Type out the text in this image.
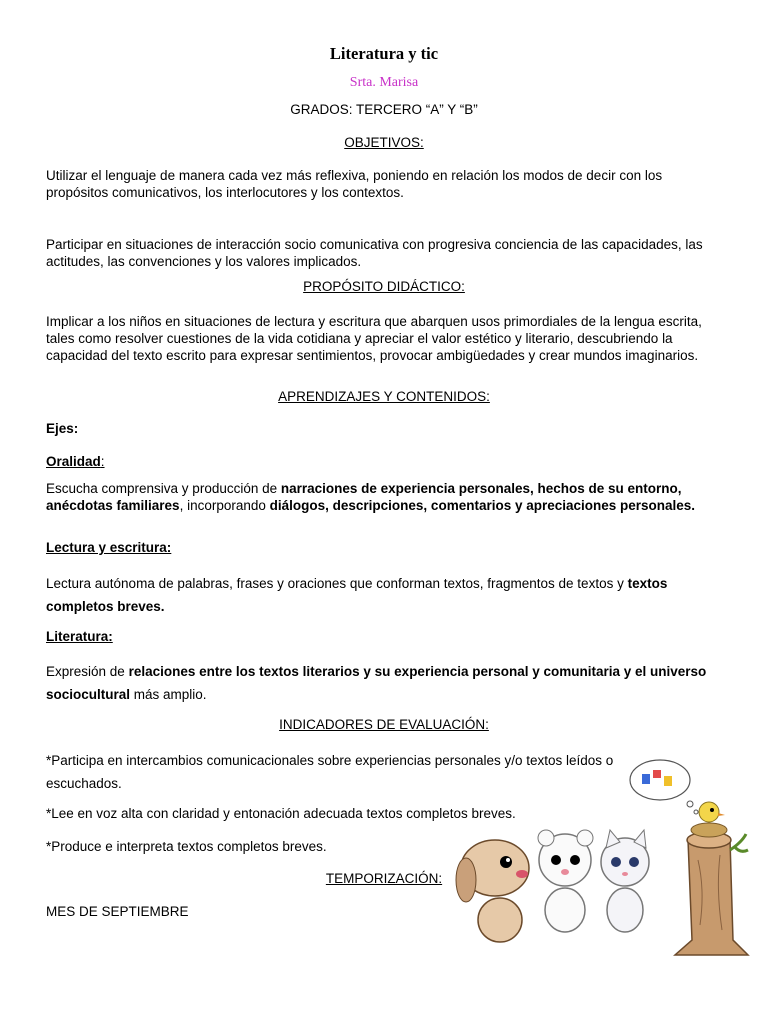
Literatura y tic
Srta. Marisa
GRADOS: TERCERO “A” Y “B”
OBJETIVOS:

Utilizar el lenguaje de manera cada vez más reflexiva, poniendo en relación los modos de decir con los propósitos comunicativos, los interlocutores y los contextos.

Participar en situaciones de interacción socio comunicativa con progresiva conciencia de las capacidades, las actitudes, las convenciones y los valores implicados.

PROPÓSITO DIDÁCTICO:

Implicar a los niños en situaciones de lectura y escritura que abarquen usos primordiales de la lengua escrita, tales como resolver cuestiones de la vida cotidiana y apreciar el valor estético y literario, descubriendo la capacidad del texto escrito para expresar sentimientos, provocar ambigüedades y crear mundos imaginarios.

APRENDIZAJES Y CONTENIDOS:
Ejes:
Oralidad:

Escucha comprensiva y producción de narraciones de experiencia personales, hechos de su entorno, anécdotas familiares, incorporando diálogos, descripciones, comentarios y apreciaciones personales.

Lectura y escritura:

Lectura autónoma de palabras, frases y oraciones que conforman textos, fragmentos de textos y textos completos breves.

Literatura:

Expresión de relaciones entre los textos literarios y su experiencia personal y comunitaria y el universo sociocultural más amplio.

INDICADORES DE EVALUACIÓN:

*Participa en intercambios comunicacionales sobre experiencias personales y/o textos leídos o escuchados.

*Lee en voz alta con claridad y entonación adecuada textos completos breves.

*Produce e interpreta textos completos breves.

TEMPORIZACIÓN:
MES DE SEPTIEMBRE
